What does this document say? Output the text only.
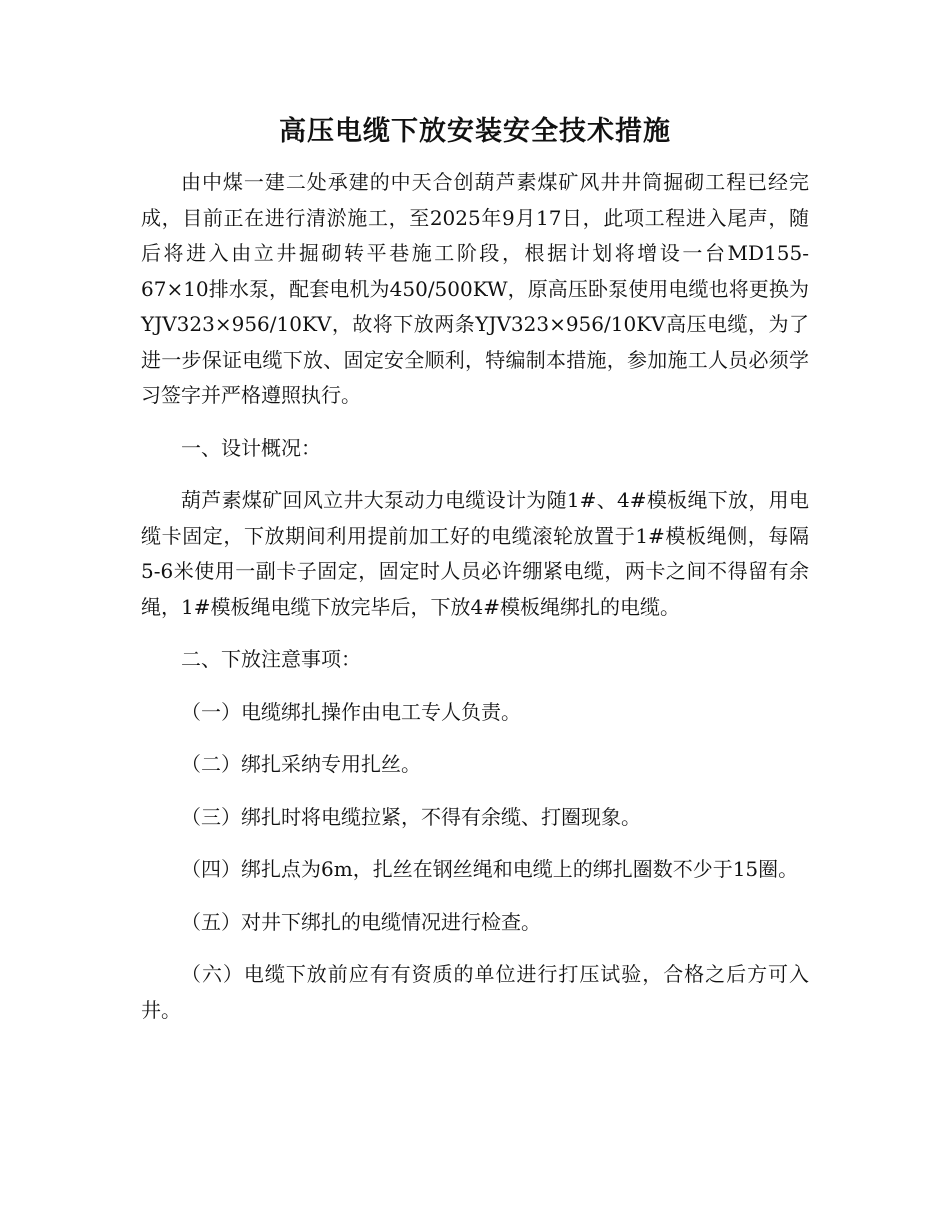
高压电缆下放安装安全技术措施

由中煤一建二处承建的中天合创葫芦素煤矿风井井筒掘砌工程已经完成，目前正在进行清淤施工，至2025年9月17日，此项工程进入尾声，随后将进入由立井掘砌转平巷施工阶段，根据计划将增设一台MD155-67×10排水泵，配套电机为450/500KW，原高压卧泵使用电缆也将更换为YJV323×956/10KV，故将下放两条YJV323×956/10KV高压电缆，为了进一步保证电缆下放、固定安全顺利，特编制本措施，参加施工人员必须学习签字并严格遵照执行。

一、设计概况：

葫芦素煤矿回风立井大泵动力电缆设计为随1#、4#模板绳下放，用电缆卡固定，下放期间利用提前加工好的电缆滚轮放置于1#模板绳侧，每隔5-6米使用一副卡子固定，固定时人员必许绷紧电缆，两卡之间不得留有余绳，1#模板绳电缆下放完毕后，下放4#模板绳绑扎的电缆。

二、下放注意事项：

（一）电缆绑扎操作由电工专人负责。

（二）绑扎采纳专用扎丝。

（三）绑扎时将电缆拉紧，不得有余缆、打圈现象。

（四）绑扎点为6m，扎丝在钢丝绳和电缆上的绑扎圈数不少于15圈。

（五）对井下绑扎的电缆情况进行检查。

（六）电缆下放前应有有资质的单位进行打压试验，合格之后方可入井。
